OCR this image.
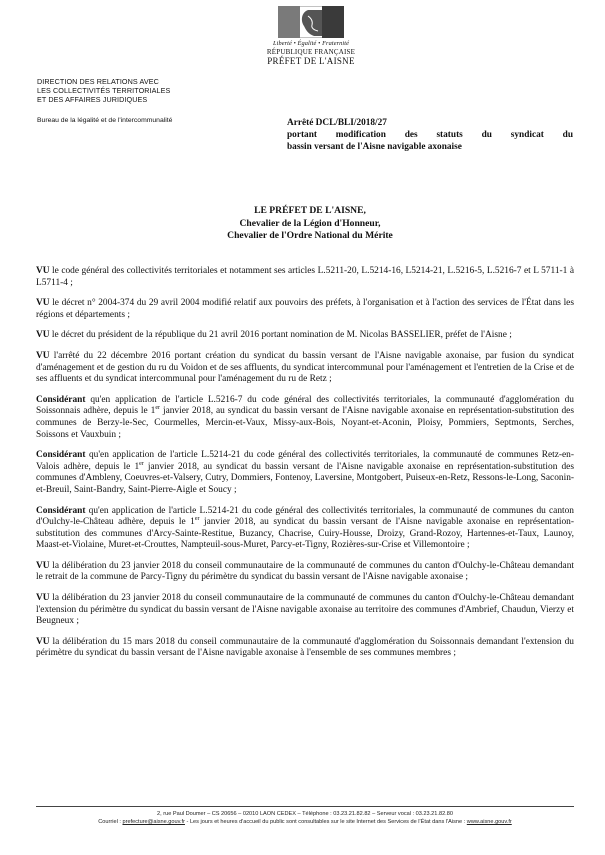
Liberté • Égalité • Fraternité
RÉPUBLIQUE FRANÇAISE
PRÉFET DE L'AISNE
DIRECTION DES RELATIONS AVEC
LES COLLECTIVITÉS TERRITORIALES
ET DES AFFAIRES JURIDIQUES
Bureau de la légalité et de l'intercommunalité	Arrêté DCL/BLI/2018/27
portant modification des statuts du syndicat du
bassin versant de l'Aisne navigable axonaise
LE PRÉFET DE L'AISNE,
Chevalier de la Légion d'Honneur,
Chevalier de l'Ordre National du Mérite

VU le code général des collectivités territoriales et notamment ses articles L.5211-20, L.5214-16, L5214-21, L.5216-5, L.5216-7 et L 5711-1 à L5711-4 ;

VU le décret n° 2004-374 du 29 avril 2004 modifié relatif aux pouvoirs des préfets, à l'organisation et à l'action des services de l'État dans les régions et départements ;

VU le décret du président de la république du 21 avril 2016 portant nomination de M. Nicolas BASSELIER, préfet de l'Aisne ;

VU l'arrêté du 22 décembre 2016 portant création du syndicat du bassin versant de l'Aisne navigable axonaise, par fusion du syndicat d'aménagement et de gestion du ru du Voidon et de ses affluents, du syndicat intercommunal pour l'aménagement et l'entretien de la Crise et de ses affluents et du syndicat intercommunal pour l'aménagement du ru de Retz ;

Considérant qu'en application de l'article L.5216-7 du code général des collectivités territoriales, la communauté d'agglomération du Soissonnais adhère, depuis le 1er janvier 2018, au syndicat du bassin versant de l'Aisne navigable axonaise en représentation-substitution des communes de Berzy-le-Sec, Courmelles, Mercin-et-Vaux, Missy-aux-Bois, Noyant-et-Aconin, Ploisy, Pommiers, Septmonts, Serches, Soissons et Vauxbuin ;

Considérant qu'en application de l'article L.5214-21 du code général des collectivités territoriales, la communauté de communes Retz-en-Valois adhère, depuis le 1er janvier 2018, au syndicat du bassin versant de l'Aisne navigable axonaise en représentation-substitution des communes d'Ambleny, Coeuvres-et-Valsery, Cutry, Dommiers, Fontenoy, Laversine, Montgobert, Puiseux-en-Retz, Ressons-le-Long, Saconin-et-Breuil, Saint-Bandry, Saint-Pierre-Aigle et Soucy ;

Considérant qu'en application de l'article L.5214-21 du code général des collectivités territoriales, la communauté de communes du canton d'Oulchy-le-Château adhère, depuis le 1er janvier 2018, au syndicat du bassin versant de l'Aisne navigable axonaise en représentation-substitution des communes d'Arcy-Sainte-Restitue, Buzancy, Chacrise, Cuiry-Housse, Droizy, Grand-Rozoy, Hartennes-et-Taux, Launoy, Maast-et-Violaine, Muret-et-Crouttes, Nampteuil-sous-Muret, Parcy-et-Tigny, Rozières-sur-Crise et Villemontoire ;

VU la délibération du 23 janvier 2018 du conseil communautaire de la communauté de communes du canton d'Oulchy-le-Château demandant le retrait de la commune de Parcy-Tigny du périmètre du syndicat du bassin versant de l'Aisne navigable axonaise ;

VU la délibération du 23 janvier 2018 du conseil communautaire de la communauté de communes du canton d'Oulchy-le-Château demandant l'extension du périmètre du syndicat du bassin versant de l'Aisne navigable axonaise au territoire des communes d'Ambrief, Chaudun, Vierzy et Beugneux ;

VU la délibération du 15 mars 2018 du conseil communautaire de la communauté d'agglomération du Soissonnais demandant l'extension du périmètre du syndicat du bassin versant de l'Aisne navigable axonaise à l'ensemble de ses communes membres ;

2, rue Paul Doumer – CS 20656 – 02010 LAON CEDEX – Téléphone : 03.23.21.82.82 – Serveur vocal : 03.23.21.82.80
Courriel : prefecture@aisne.gouv.fr - Les jours et heures d'accueil du public sont consultables sur le site Internet des Services de l'État dans l'Aisne : www.aisne.gouv.fr
